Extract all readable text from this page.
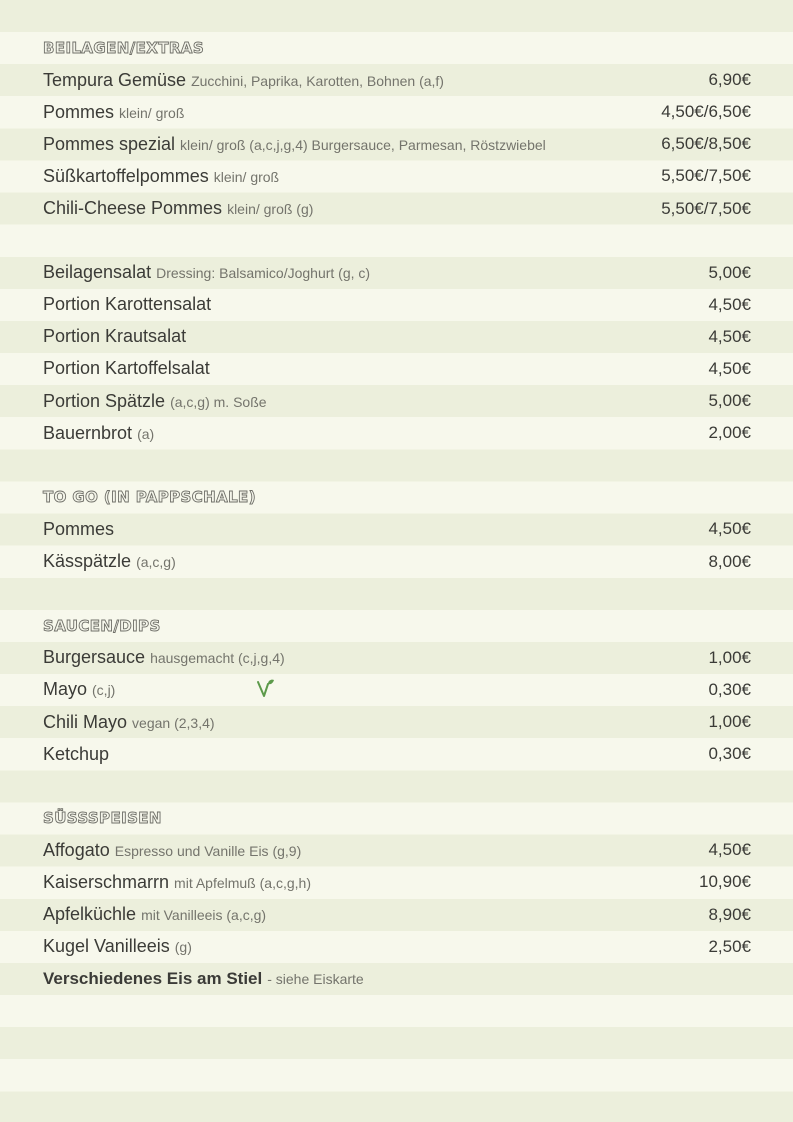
BEILAGEN/EXTRAS
Tempura Gemüse Zucchini, Paprika, Karotten, Bohnen (a,f)	6,90€
Pommes klein/ groß	4,50€/6,50€
Pommes spezial klein/ groß (a,c,j,g,4) Burgersauce, Parmesan, Röstzwiebel	6,50€/8,50€
Süßkartoffelpommes klein/ groß	5,50€/7,50€
Chili-Cheese Pommes klein/ groß (g)	5,50€/7,50€
Beilagensalat Dressing: Balsamico/Joghurt (g, c)	5,00€
Portion Karottensalat	4,50€
Portion Krautsalat	4,50€
Portion Kartoffelsalat	4,50€
Portion Spätzle (a,c,g) m. Soße	5,00€
Bauernbrot (a)	2,00€
TO GO (IN PAPPSCHALE)
Pommes	4,50€
Kässpätzle (a,c,g)	8,00€
SAUCEN/DIPS
Burgersauce hausgemacht (c,j,g,4)	1,00€
Mayo (c,j)	0,30€
Chili Mayo vegan (2,3,4)	1,00€
Ketchup	0,30€
SÜSSSPEISEN
Affogato Espresso und Vanille Eis (g,9)	4,50€
Kaiserschmarrn mit Apfelmuß (a,c,g,h)	10,90€
Apfelküchle mit Vanilleeis (a,c,g)	8,90€
Kugel Vanilleeis (g)	2,50€
Verschiedenes Eis am Stiel - siehe Eiskarte
